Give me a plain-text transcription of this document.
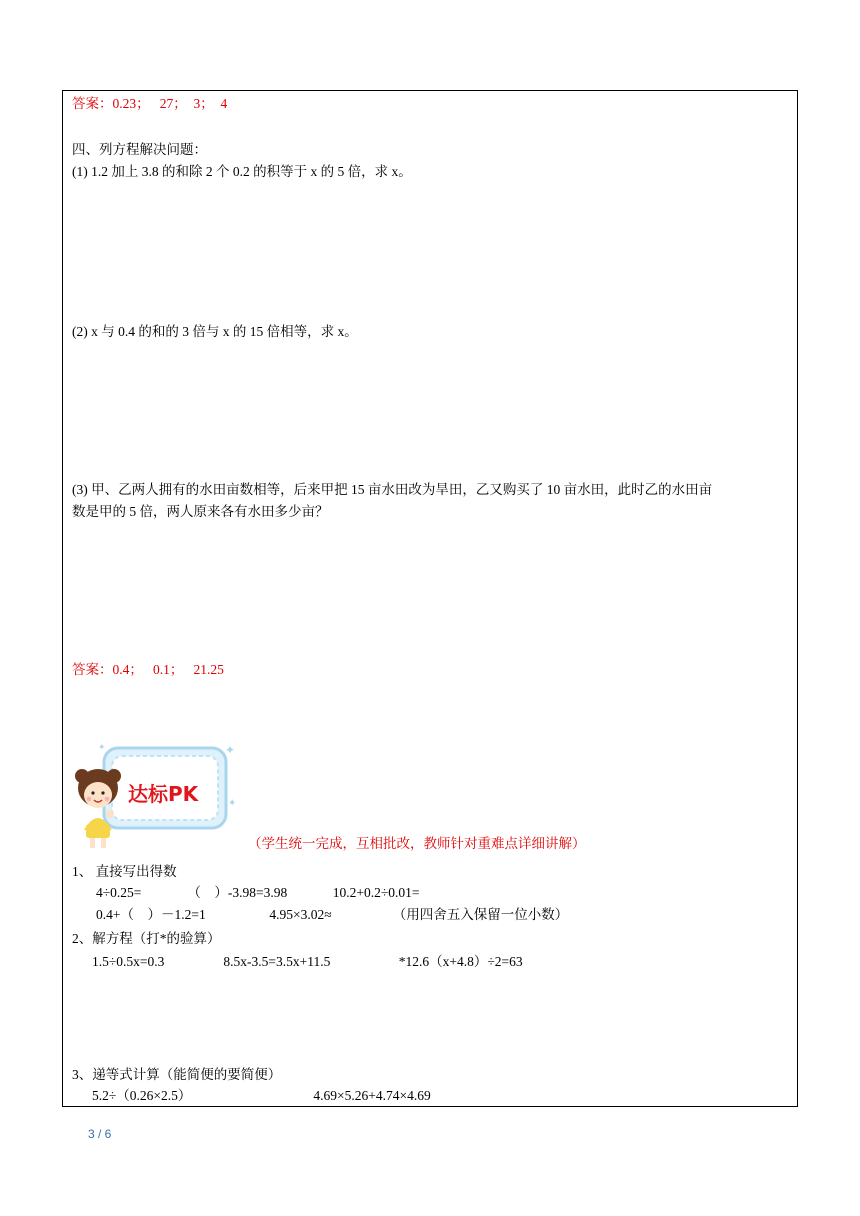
答案：0.23；　 27；　3；　4
四、列方程解决问题：
(1) 1.2 加上 3.8 的和除 2 个 0.2 的积等于 x 的 5 倍，求 x。
(2) x 与 0.4 的和的 3 倍与 x 的 15 倍相等，求 x。
(3) 甲、乙两人拥有的水田亩数相等，后来甲把 15 亩水田改为旱田，乙又购买了 10 亩水田，此时乙的水田亩
数是甲的 5 倍，两人原来各有水田多少亩？
答案：0.4；　 0.1；　 21.25
✦
✦
✦
达标PK
（学生统一完成，互相批改，教师针对重难点详细讲解）
1、 直接写出得数
4÷0.25=	（　）-3.98=3.98	10.2+0.2÷0.01=
0.4+（　）－1.2=1	4.95×3.02≈	（用四舍五入保留一位小数）
2、解方程（打*的验算）
1.5÷0.5x=0.3	8.5x-3.5=3.5x+11.5	*12.6（x+4.8）÷2=63
3、递等式计算（能简便的要简便）
5.2÷（0.26×2.5）	4.69×5.26+4.74×4.69
3 / 6
